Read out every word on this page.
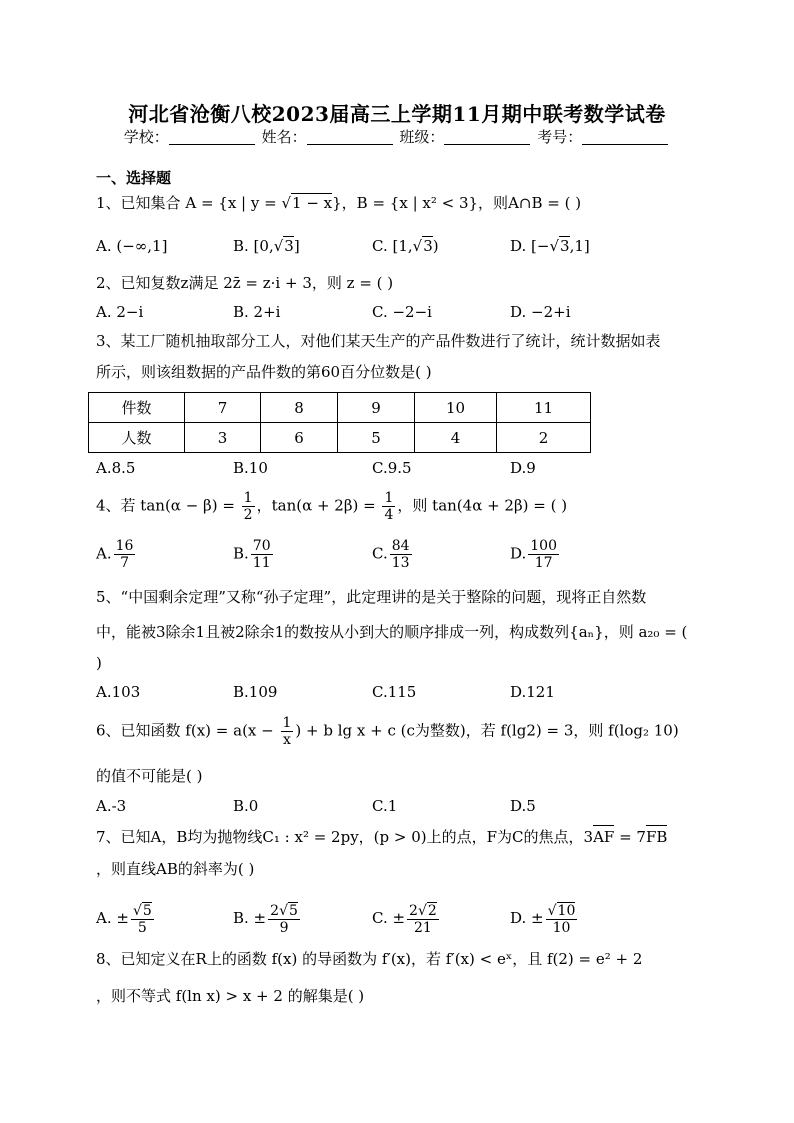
河北省沧衡八校2023届高三上学期11月期中联考数学试卷
学校：	姓名：	班级：	考号：
一、选择题
1、已知集合 A = {x | y = √1 − x}，B = {x | x² < 3}，则A∩B = ( )
A. (−∞,1]	B. [0,√3]	C. [1,√3)	D. [−√3,1]
2、已知复数z满足 2z̄ = z·i + 3，则 z = ( )
A. 2−i	B. 2+i	C. −2−i	D. −2+i
3、某工厂随机抽取部分工人，对他们某天生产的产品件数进行了统计，统计数据如表
所示，则该组数据的产品件数的第60百分位数是( )
件数	7	8	9	10	11
人数	3	6	5	4	2
A.8.5	B.10	C.9.5	D.9
4、若 $\tan(\alpha - \beta) = \frac{1}{2}$ ，$\tan(\alpha + 2\beta) = \frac{1}{4}$ ，则 tan(4α + 2β) = ( )
A. $\frac{16}{7}$	B. $\frac{70}{11}$	C. $\frac{84}{13}$	D. $\frac{100}{17}$
5、“中国剩余定理”又称“孙子定理”，此定理讲的是关于整除的问题，现将正自然数
中，能被3除余1且被2除余1的数按从小到大的顺序排成一列，构成数列{aₙ}，则 a₂₀ = (
)
A.103	B.109	C.115	D.121
6、已知函数 $f(x) = a(x - \frac{1}{x}$ ) + b lg x + c (c为整数)，若 f(lg2) = 3，则 f(log₂ 10)
的值不可能是( )
A.-3	B.0	C.1	D.5
7、已知A，B均为抛物线C₁ : x² = 2py，(p > 0)上的点，F为C的焦点，3AF = 7FB
，则直线AB的斜率为( )
A. ± $\frac{√5}{5}$	B. ± $\frac{2√5}{9}$	C. ± $\frac{2√2}{21}$	D. ± $\frac{√10}{10}$
8、已知定义在R上的函数 f(x) 的导函数为 f′(x)，若 f′(x) < eˣ，且 f(2) = e² + 2
，则不等式 f(ln x) > x + 2 的解集是( )
